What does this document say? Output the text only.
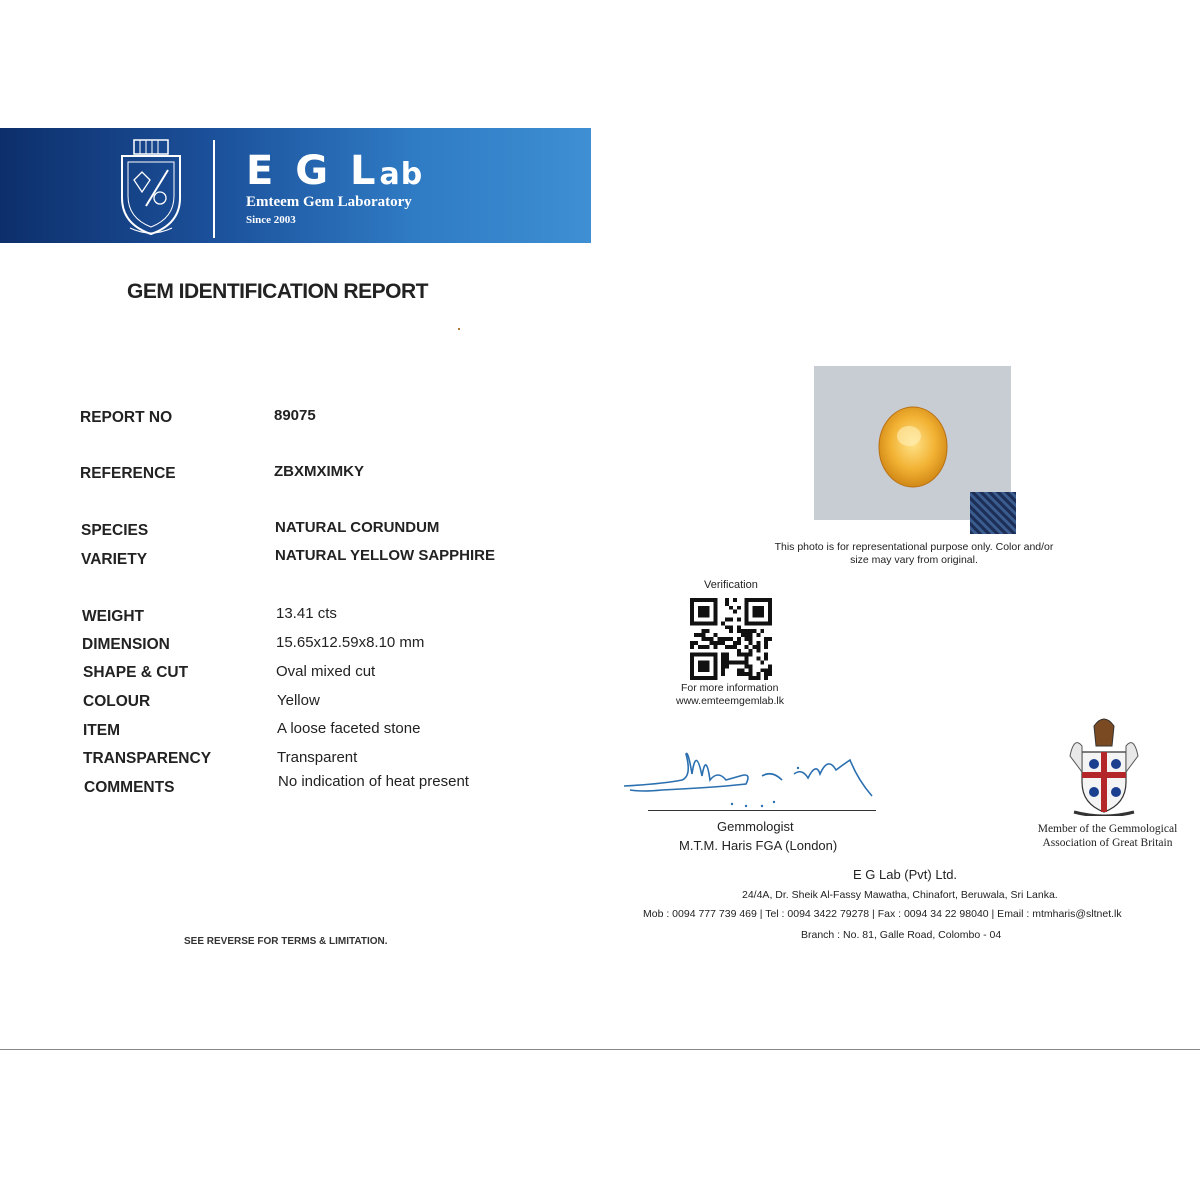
E G Lab
Emteem Gem Laboratory
Since 2003
GEM IDENTIFICATION REPORT
REPORT NO	89075
REFERENCE	ZBXMXIMKY
SPECIES	NATURAL CORUNDUM
VARIETY	NATURAL YELLOW SAPPHIRE
WEIGHT	13.41 cts
DIMENSION	15.65x12.59x8.10 mm
SHAPE & CUT	Oval mixed cut
COLOUR	Yellow
ITEM	A loose faceted stone
TRANSPARENCY	Transparent
COMMENTS	No indication of heat present
SEE REVERSE FOR TERMS & LIMITATION.
This photo is for representational purpose only. Color and/or
size may vary from original.
Verification
For more information
www.emteemgemlab.lk
Gemmologist
M.T.M. Haris FGA (London)
Member of the Gemmological
Association of Great Britain
E G Lab (Pvt) Ltd.
24/4A, Dr. Sheik Al-Fassy Mawatha, Chinafort, Beruwala, Sri Lanka.
Mob : 0094 777 739 469 | Tel : 0094 3422 79278 | Fax : 0094 34 22 98040 | Email : mtmharis@sltnet.lk
Branch : No. 81, Galle Road, Colombo - 04
